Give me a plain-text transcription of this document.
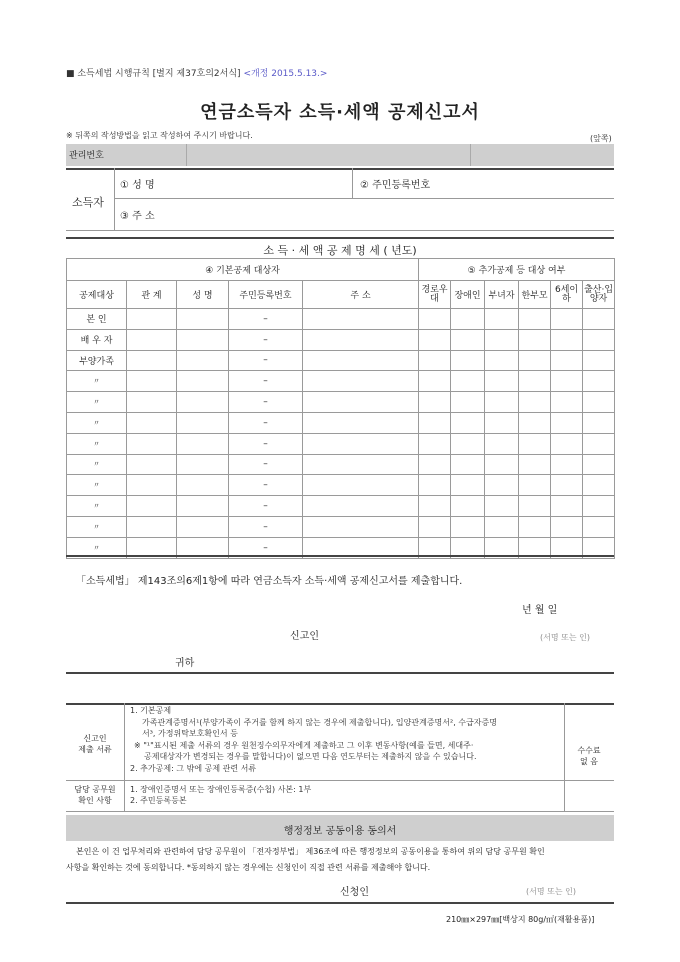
■ 소득세법 시행규칙 [별지 제37호의2서식] <개정 2015.5.13.>
연금소득자 소득·세액 공제신고서
※ 뒤쪽의 작성방법을 읽고 작성하여 주시기 바랍니다.	(앞쪽)
관리번호
소득자
① 성 명	② 주민등록번호
③ 주 소
소 득 · 세 액 공 제 명 세 ( 년도)
④ 기본공제 대상자					⑤ 추가공제 등 대상 여부					
공제대상	관 계	성 명	주민등록번호	주 소	경로우대	장애인	부녀자	한부모	6세이하	출산·입양자
본 인			–							
배 우 자			–							
부양가족			–							
〃			–							
〃			–							
〃			–							
〃			–							
〃			–							
〃			–							
〃			–							
〃			–							
〃			–							
「소득세법」 제143조의6제1항에 따라 연금소득자 소득·세액 공제신고서를 제출합니다.
년 월 일
신고인	(서명 또는 인)
귀하
신고인
제출 서류
1. 기본공제
가족관계증명서¹(부양가족이 주거를 함께 하지 않는 경우에 제출합니다), 입양관계증명서², 수급자증명
서³, 가정위탁보호확인서 등
※ "¹"표시된 제출 서류의 경우 원천징수의무자에게 제출하고 그 이후 변동사항(예를 들면, 세대주·
공제대상자가 변경되는 경우를 말합니다)이 없으면 다음 연도부터는 제출하지 않을 수 있습니다.
2. 추가공제: 그 밖에 공제 관련 서류
수수료
없 음
담당 공무원
확인 사항
1. 장애인증명서 또는 장애인등록증(수첩) 사본: 1부
2. 주민등록등본
행정정보 공동이용 동의서
본인은 이 건 업무처리와 관련하여 담당 공무원이 「전자정부법」 제36조에 따른 행정정보의 공동이용을 통하여 위의 담당 공무원 확인
사항을 확인하는 것에 동의합니다. *동의하지 않는 경우에는 신청인이 직접 관련 서류를 제출해야 합니다.
신청인	(서명 또는 인)
210㎜×297㎜[백상지 80g/㎡(재활용품)]
